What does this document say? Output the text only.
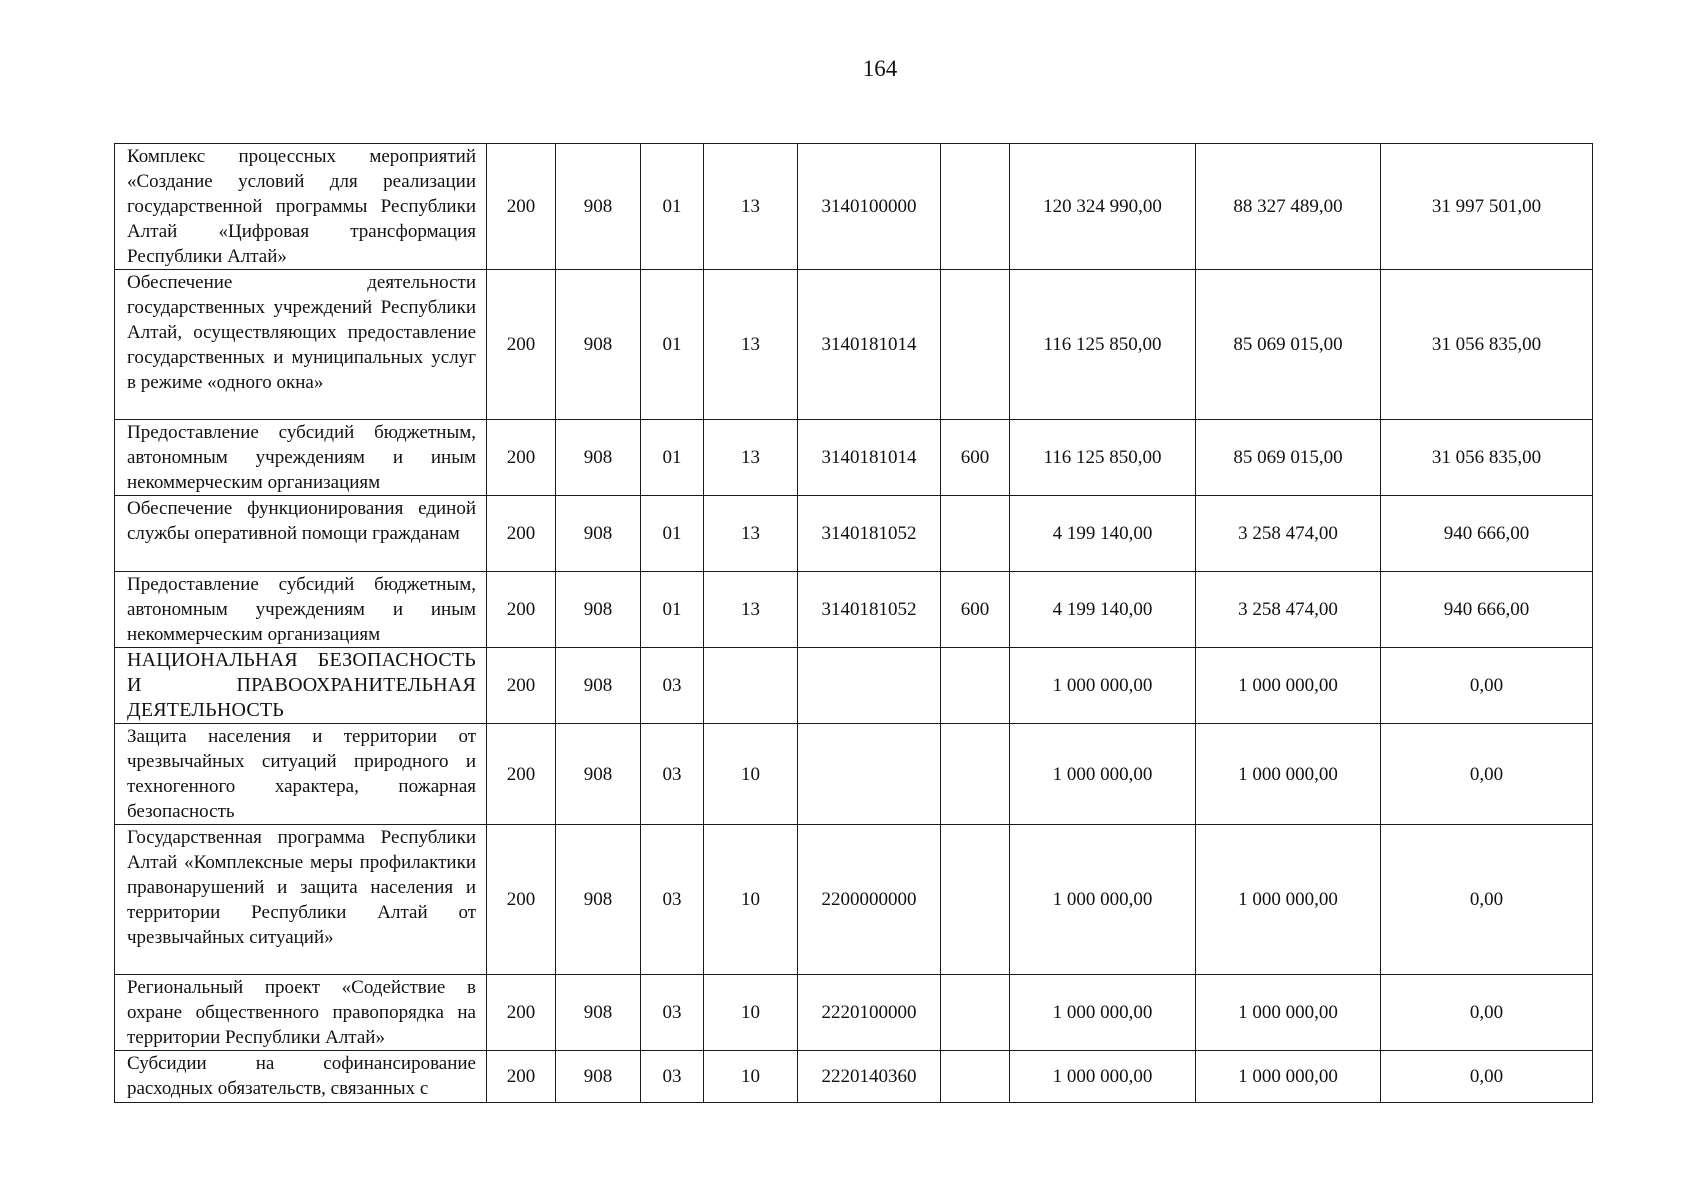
164
Комплекс процессных мероприятий «Создание условий для реализации государственной программы Республики Алтай «Цифровая трансформация Республики Алтай»	200	908	01	13	3140100000		120 324 990,00	88 327 489,00	31 997 501,00
Обеспечение деятельности государственных учреждений Республики Алтай, осуществляющих предоставление государственных и муниципальных услуг в режиме «одного окна»	200	908	01	13	3140181014		116 125 850,00	85 069 015,00	31 056 835,00
Предоставление субсидий бюджетным, автономным учреждениям и иным некоммерческим организациям	200	908	01	13	3140181014	600	116 125 850,00	85 069 015,00	31 056 835,00
Обеспечение функционирования единой службы оперативной помощи гражданам	200	908	01	13	3140181052		4 199 140,00	3 258 474,00	940 666,00
Предоставление субсидий бюджетным, автономным учреждениям и иным некоммерческим организациям	200	908	01	13	3140181052	600	4 199 140,00	3 258 474,00	940 666,00
НАЦИОНАЛЬНАЯ БЕЗОПАСНОСТЬ И ПРАВООХРАНИТЕЛЬНАЯ ДЕЯТЕЛЬНОСТЬ	200	908	03				1 000 000,00	1 000 000,00	0,00
Защита населения и территории от чрезвычайных ситуаций природного и техногенного характера, пожарная безопасность	200	908	03	10			1 000 000,00	1 000 000,00	0,00
Государственная программа Республики Алтай «Комплексные меры профилактики правонарушений и защита населения и территории Республики Алтай от чрезвычайных ситуаций»	200	908	03	10	2200000000		1 000 000,00	1 000 000,00	0,00
Региональный проект «Содействие в охране общественного правопорядка на территории Республики Алтай»	200	908	03	10	2220100000		1 000 000,00	1 000 000,00	0,00
Субсидии на софинансирование расходных обязательств, связанных с	200	908	03	10	2220140360		1 000 000,00	1 000 000,00	0,00
